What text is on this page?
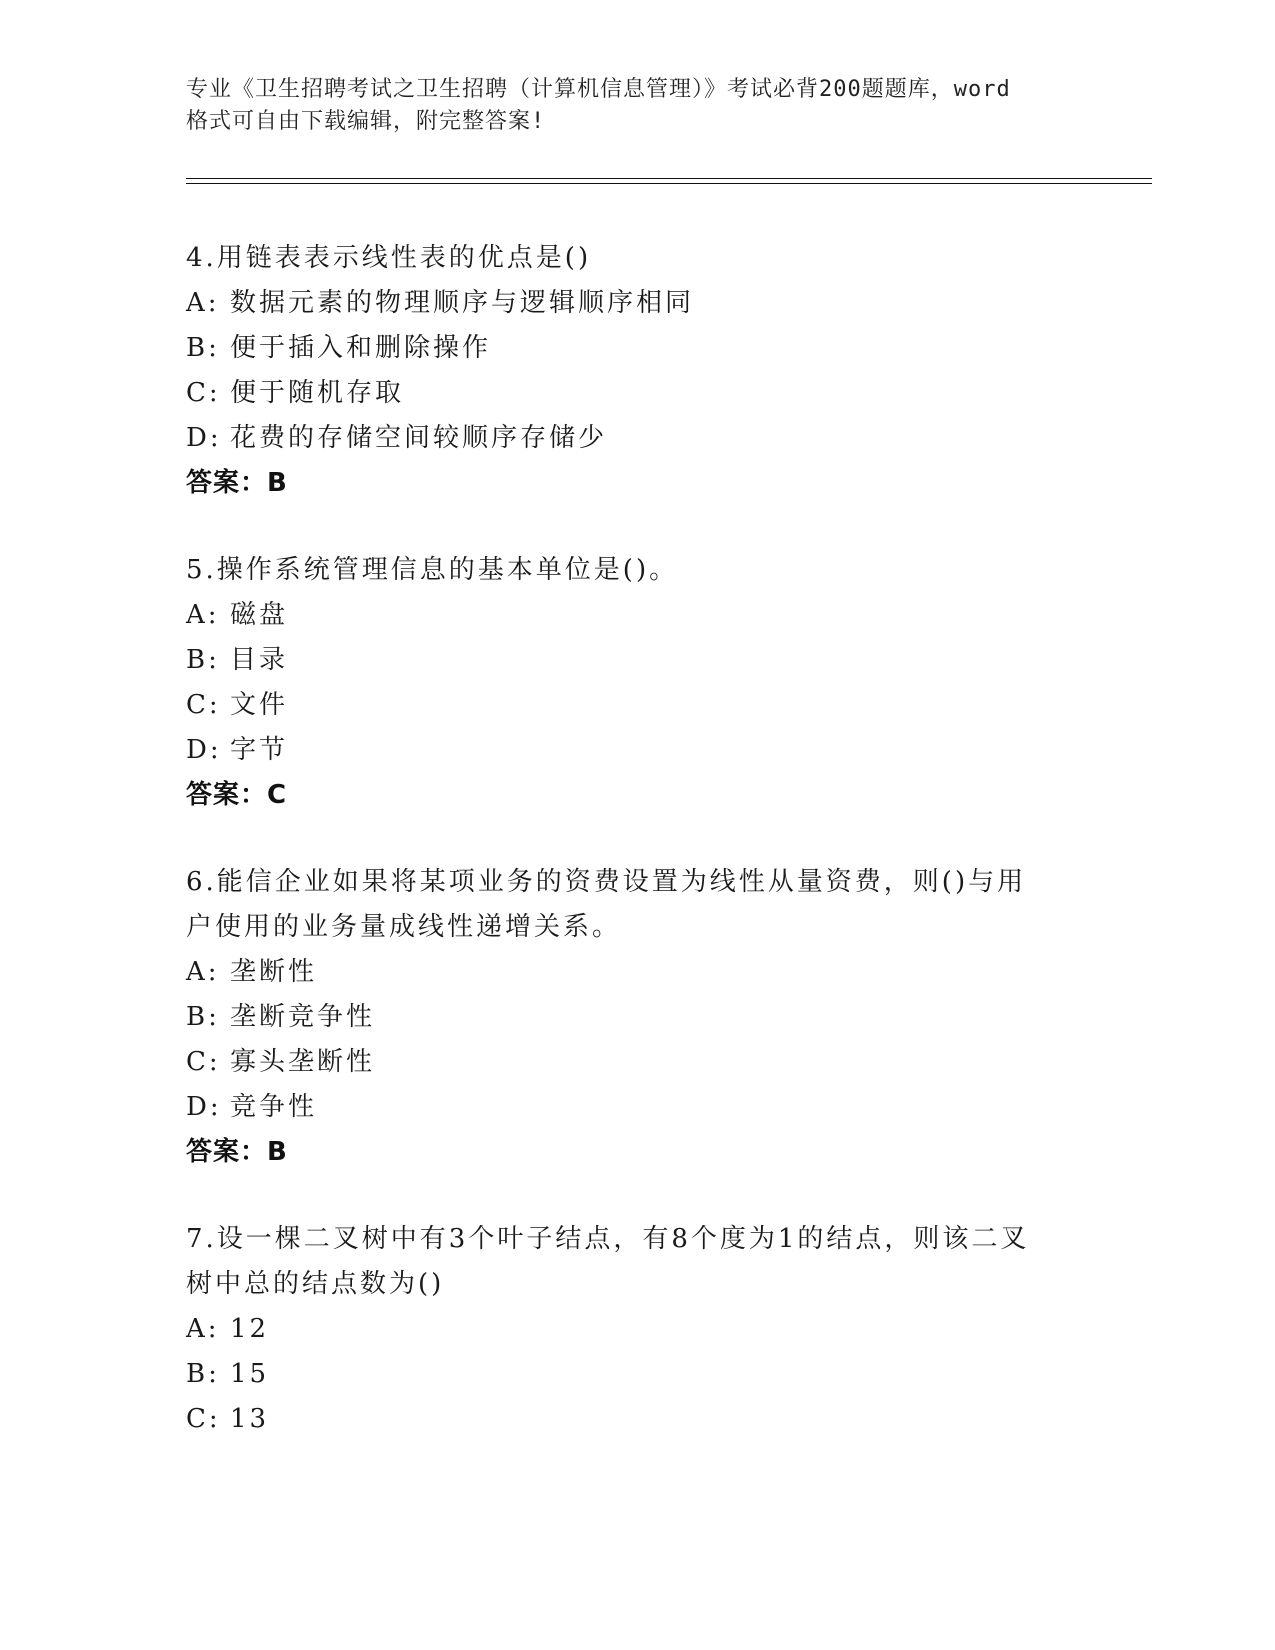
专业《卫生招聘考试之卫生招聘（计算机信息管理）》考试必背200题题库，word
格式可自由下载编辑，附完整答案!

4.用链表表示线性表的优点是()

A: 数据元素的物理顺序与逻辑顺序相同

B: 便于插入和删除操作

C: 便于随机存取

D: 花费的存储空间较顺序存储少

答案：B

5.操作系统管理信息的基本单位是()。

A: 磁盘

B: 目录

C: 文件

D: 字节

答案：C

6.能信企业如果将某项业务的资费设置为线性从量资费，则()与用户使用的业务量成线性递增关系。

A: 垄断性

B: 垄断竞争性

C: 寡头垄断性

D: 竞争性

答案：B

7.设一棵二叉树中有3个叶子结点，有8个度为1的结点，则该二叉树中总的结点数为()

A: 12

B: 15

C: 13
